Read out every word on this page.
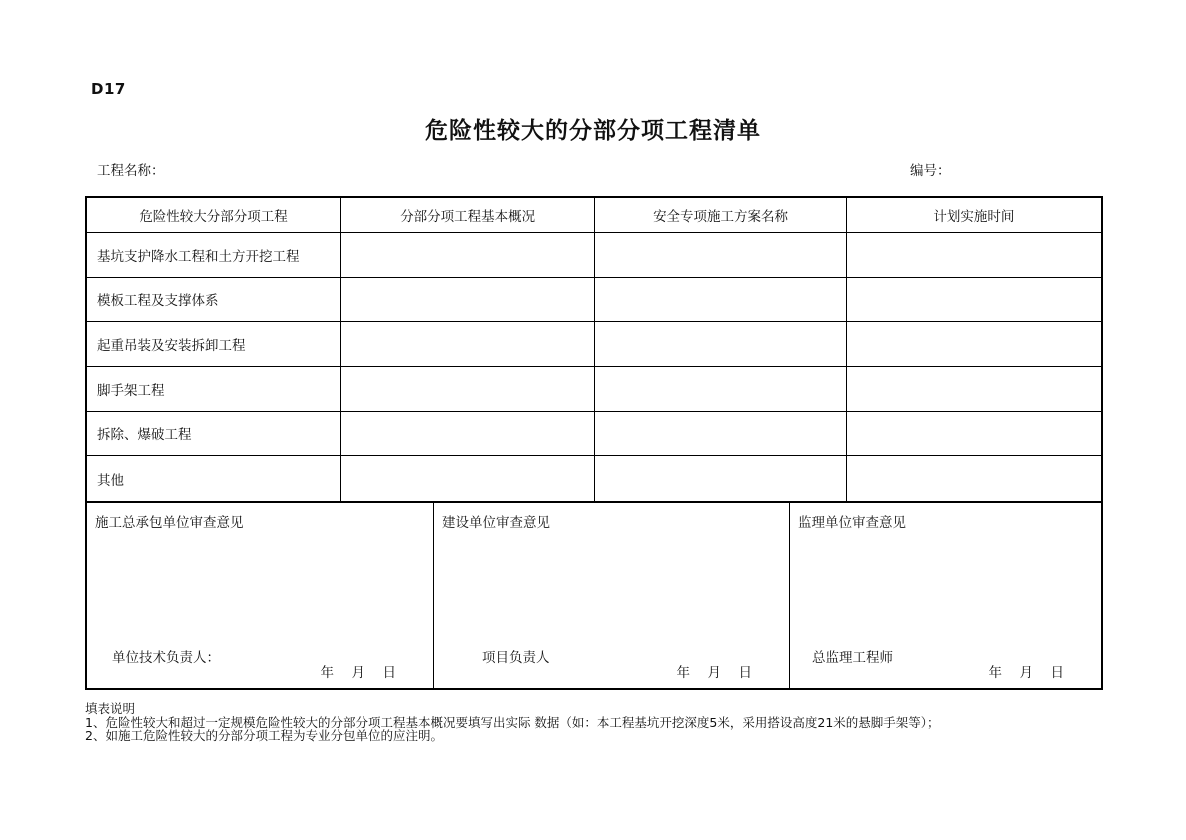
D17
危险性较大的分部分项工程清单
工程名称：	编号：
危险性较大分部分项工程	分部分项工程基本概况	安全专项施工方案名称	计划实施时间
基坑支护降水工程和土方开挖工程
模板工程及支撑体系
起重吊装及安装拆卸工程
脚手架工程
拆除、爆破工程
其他
施工总承包单位审查意见
单位技术负责人：
年　月　日
建设单位审查意见
项目负责人
年　月　日
监理单位审查意见
总监理工程师
年　月　日
填表说明
1、危险性较大和超过一定规模危险性较大的分部分项工程基本概况要填写出实际 数据（如：本工程基坑开挖深度5米，采用搭设高度21米的悬脚手架等）；
2、如施工危险性较大的分部分项工程为专业分包单位的应注明。
